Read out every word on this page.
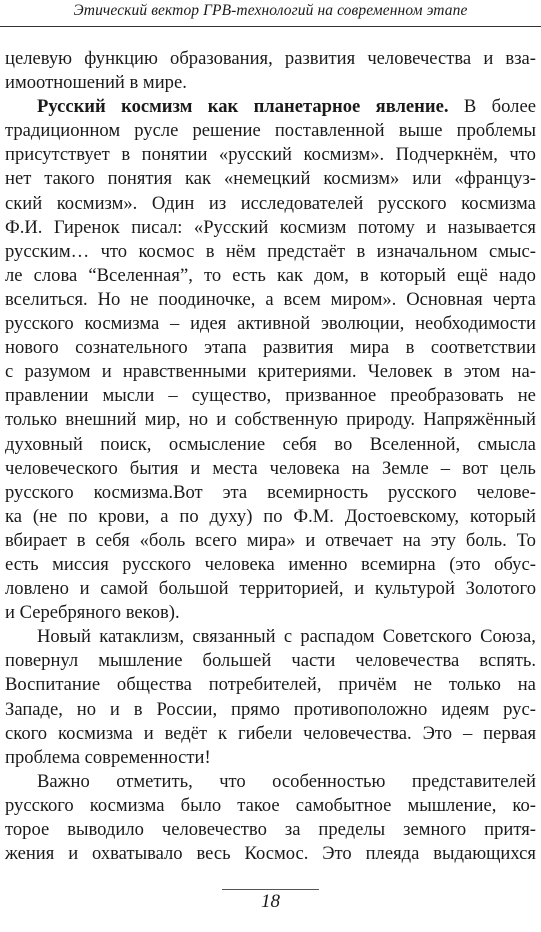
Этический вектор ГРВ-технологий на современном этапе
целевую функцию образования, развития человечества и вза-
имоотношений в мире.
Русский космизм как планетарное явление. В более
традиционном русле решение поставленной выше проблемы
присутствует в понятии «русский космизм». Подчеркнём, что
нет такого понятия как «немецкий космизм» или «француз-
ский космизм». Один из исследователей русского космизма
Ф.И. Гиренок писал: «Русский космизм потому и называется
русским… что космос в нём предстаёт в изначальном смыс-
ле слова “Вселенная”, то есть как дом, в который ещё надо
вселиться. Но не поодиночке, а всем миром». Основная черта
русского космизма – идея активной эволюции, необходимости
нового сознательного этапа развития мира в соответствии
с разумом и нравственными критериями. Человек в этом на-
правлении мысли – существо, призванное преобразовать не
только внешний мир, но и собственную природу. Напряжённый
духовный поиск, осмысление себя во Вселенной, смысла
человеческого бытия и места человека на Земле – вот цель
русского космизма.Вот эта всемирность русского челове-
ка (не по крови, а по духу) по Ф.М. Достоевскому, который
вбирает в себя «боль всего мира» и отвечает на эту боль. То
есть миссия русского человека именно всемирна (это обус-
ловлено и самой большой территорией, и культурой Золотого
и Серебряного веков).
Новый катаклизм, связанный с распадом Советского Союза,
повернул мышление большей части человечества вспять.
Воспитание общества потребителей, причём не только на
Западе, но и в России, прямо противоположно идеям рус-
ского космизма и ведёт к гибели человечества. Это – первая
проблема современности!
Важно отметить, что особенностью представителей
русского космизма было такое самобытное мышление, ко-
торое выводило человечество за пределы земного притя-
жения и охватывало весь Космос. Это плеяда выдающихся
18
